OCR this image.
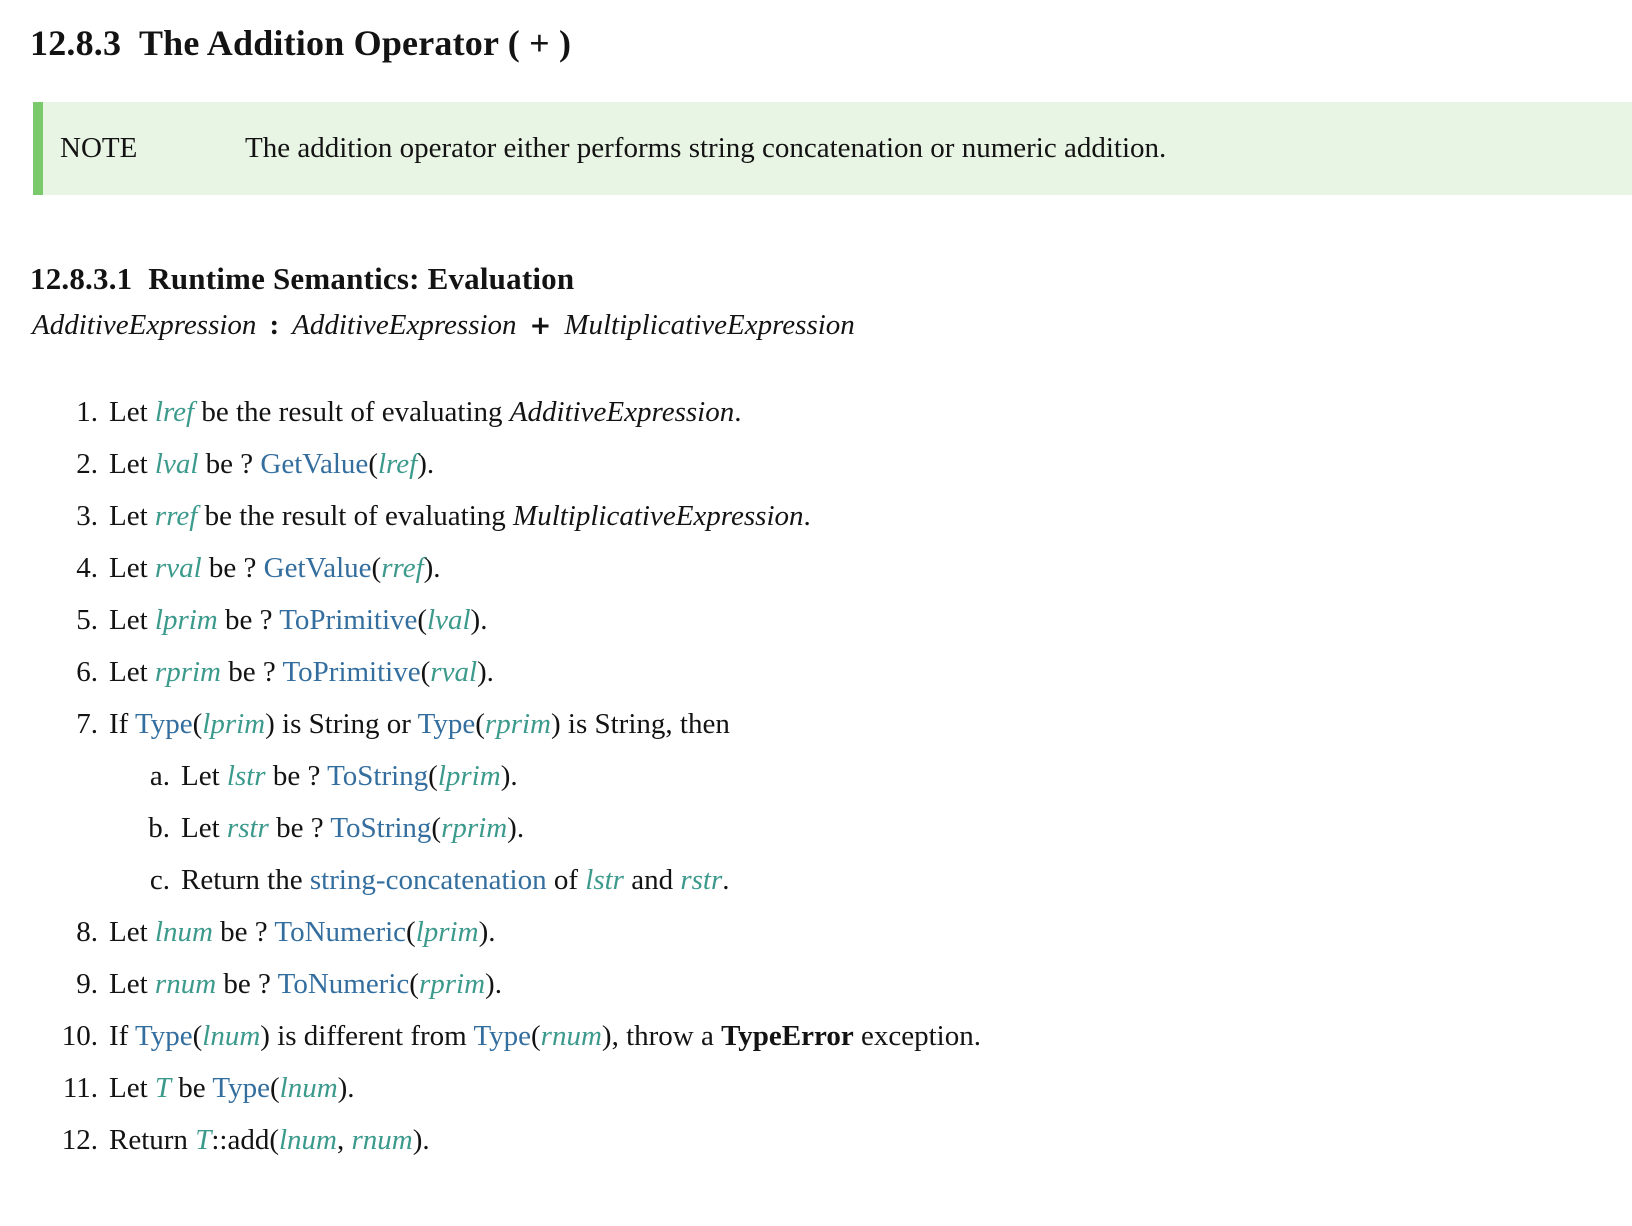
12.8.3  The Addition Operator ( + )
NOTE	The addition operator either performs string concatenation or numeric addition.
12.8.3.1  Runtime Semantics: Evaluation
AdditiveExpression : AdditiveExpression + MultiplicativeExpression
1. Let lref be the result of evaluating AdditiveExpression.
2. Let lval be ? GetValue(lref).
3. Let rref be the result of evaluating MultiplicativeExpression.
4. Let rval be ? GetValue(rref).
5. Let lprim be ? ToPrimitive(lval).
6. Let rprim be ? ToPrimitive(rval).
7. If Type(lprim) is String or Type(rprim) is String, then
a. Let lstr be ? ToString(lprim).
b. Let rstr be ? ToString(rprim).
c. Return the string-concatenation of lstr and rstr.
8. Let lnum be ? ToNumeric(lprim).
9. Let rnum be ? ToNumeric(rprim).
10. If Type(lnum) is different from Type(rnum), throw a TypeError exception.
11. Let T be Type(lnum).
12. Return T::add(lnum, rnum).
